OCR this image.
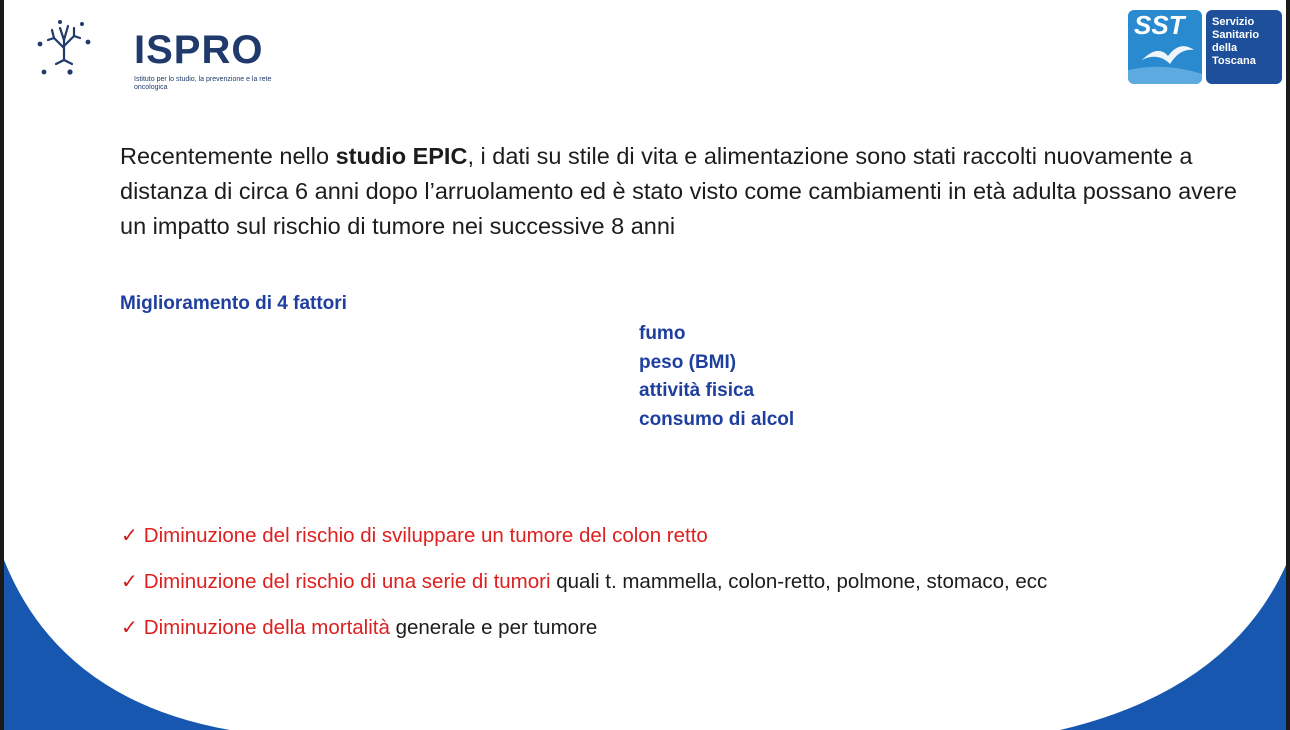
ISPRO
Istituto per lo studio, la prevenzione e la rete oncologica
SST Servizio
Sanitario
della
Toscana
Recentemente nello studio EPIC, i dati su stile di vita e alimentazione sono stati raccolti nuovamente a distanza di circa 6 anni dopo l’arruolamento ed è stato visto come cambiamenti in età adulta possano avere un impatto sul rischio di tumore nei successive 8 anni
Miglioramento di 4 fattori
fumo
peso (BMI)
attività fisica
consumo di alcol
✓ Diminuzione del rischio di sviluppare un tumore del colon retto
✓ Diminuzione del rischio di una serie di tumori quali t. mammella, colon-retto, polmone, stomaco, ecc
✓ Diminuzione della mortalità generale e per tumore
